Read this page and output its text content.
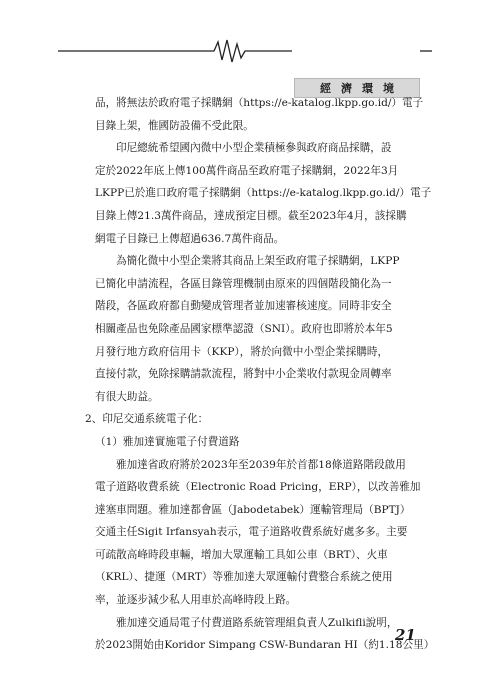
經濟環境

品，將無法於政府電子採購網（https://e-katalog.lkpp.go.id/）電子
目錄上架，惟國防設備不受此限。

印尼總統希望國內微中小型企業積極參與政府商品採購，設
定於2022年底上傳100萬件商品至政府電子採購網，2022年3月
LKPP已於進口政府電子採購網（https://e-katalog.lkpp.go.id/）電子
目錄上傳21.3萬件商品，達成預定目標。截至2023年4月，該採購
網電子目錄已上傳超過636.7萬件商品。

為簡化微中小型企業將其商品上架至政府電子採購網，LKPP
已簡化申請流程，各區目錄管理機制由原來的四個階段簡化為一
階段，各區政府都自動變成管理者並加速審核速度。同時非安全
相關產品也免除產品國家標準認證（SNI）。政府也即將於本年5
月發行地方政府信用卡（KKP），將於向微中小型企業採購時，
直接付款，免除採購請款流程，將對中小企業收付款現金周轉率
有很大助益。

2、印尼交通系統電子化：

（1）雅加達實施電子付費道路

雅加達省政府將於2023年至2039年於首都18條道路階段啟用
電子道路收費系統（Electronic Road Pricing，ERP），以改善雅加
達塞車問題。雅加達都會區（Jabodetabek）運輸管理局（BPTJ）
交通主任Sigit Irfansyah表示，電子道路收費系統好處多多。主要
可疏散高峰時段車輛，增加大眾運輸工具如公車（BRT）、火車
（KRL）、捷運（MRT）等雅加達大眾運輸付費整合系統之使用
率，並逐步減少私人用車於高峰時段上路。

雅加達交通局電子付費道路系統管理組負責人Zulkifli說明，
於2023開始由Koridor Simpang CSW-Bundaran HI（約1.18公里）

21
